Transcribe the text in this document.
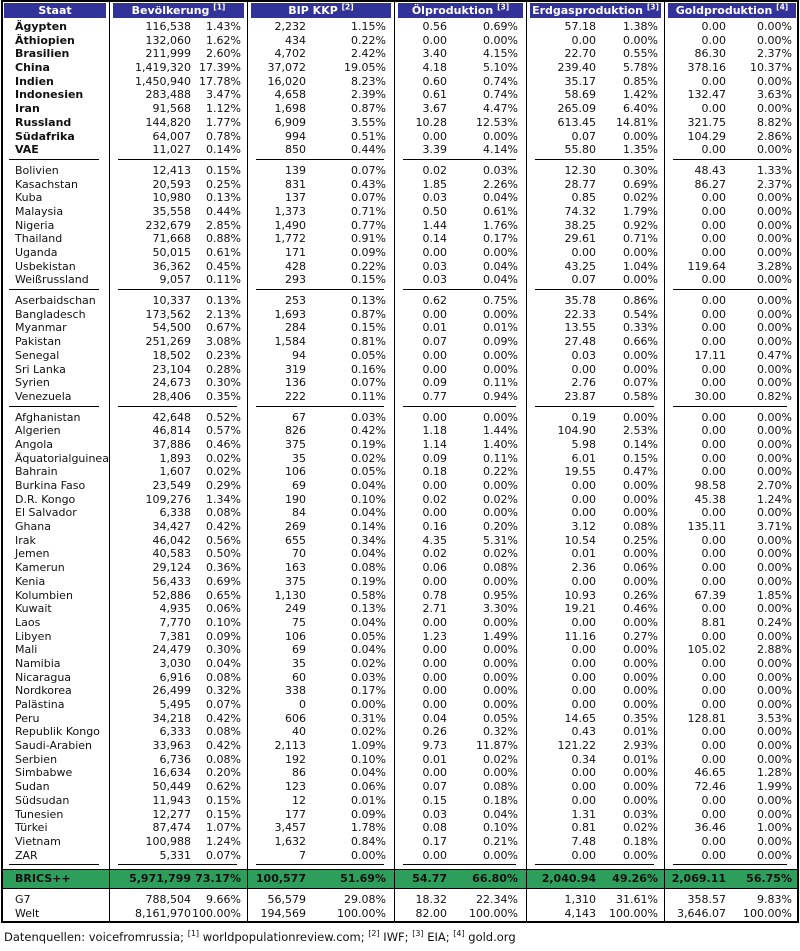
Staat	Bevölkerung [1]	BIP KKP [2]	Ölproduktion [3]	Erdgasproduktion [3]	Goldproduktion [4]
Ägypten	116,538	1.43%	2,232	1.15%	0.56	0.69%	57.18	1.38%	0.00	0.00%
Äthiopien	132,060	1.62%	434	0.22%	0.00	0.00%	0.00	0.00%	0.00	0.00%
Brasilien	211,999	2.60%	4,702	2.42%	3.40	4.15%	22.70	0.55%	86.30	2.37%
China	1,419,320 17.39%	37,072	19.05%	4.18	5.10%	239.40	5.78%	378.16	10.37%
Indien	1,450,940 17.78%	16,020	8.23%	0.60	0.74%	35.17	0.85%	0.00	0.00%
Indonesien	283,488	3.47%	4,658	2.39%	0.61	0.74%	58.69	1.42%	132.47	3.63%
Iran	91,568	1.12%	1,698	0.87%	3.67	4.47%	265.09	6.40%	0.00	0.00%
Russland	144,820	1.77%	6,909	3.55%	10.28	12.53%	613.45	14.81%	321.75	8.82%
Südafrika	64,007	0.78%	994	0.51%	0.00	0.00%	0.07	0.00%	104.29	2.86%
VAE	11,027	0.14%	850	0.44%	3.39	4.14%	55.80	1.35%	0.00	0.00%
Bolivien	12,413	0.15%	139	0.07%	0.02	0.03%	12.30	0.30%	48.43	1.33%
Kasachstan	20,593	0.25%	831	0.43%	1.85	2.26%	28.77	0.69%	86.27	2.37%
Kuba	10,980	0.13%	137	0.07%	0.03	0.04%	0.85	0.02%	0.00	0.00%
Malaysia	35,558	0.44%	1,373	0.71%	0.50	0.61%	74.32	1.79%	0.00	0.00%
Nigeria	232,679	2.85%	1,490	0.77%	1.44	1.76%	38.25	0.92%	0.00	0.00%
Thailand	71,668	0.88%	1,772	0.91%	0.14	0.17%	29.61	0.71%	0.00	0.00%
Uganda	50,015	0.61%	171	0.09%	0.00	0.00%	0.00	0.00%	0.00	0.00%
Usbekistan	36,362	0.45%	428	0.22%	0.03	0.04%	43.25	1.04%	119.64	3.28%
Weißrussland	9,057	0.11%	293	0.15%	0.03	0.04%	0.07	0.00%	0.00	0.00%
Aserbaidschan	10,337	0.13%	253	0.13%	0.62	0.75%	35.78	0.86%	0.00	0.00%
Bangladesch	173,562	2.13%	1,693	0.87%	0.00	0.00%	22.33	0.54%	0.00	0.00%
Myanmar	54,500	0.67%	284	0.15%	0.01	0.01%	13.55	0.33%	0.00	0.00%
Pakistan	251,269	3.08%	1,584	0.81%	0.07	0.09%	27.48	0.66%	0.00	0.00%
Senegal	18,502	0.23%	94	0.05%	0.00	0.00%	0.03	0.00%	17.11	0.47%
Sri Lanka	23,104	0.28%	319	0.16%	0.00	0.00%	0.00	0.00%	0.00	0.00%
Syrien	24,673	0.30%	136	0.07%	0.09	0.11%	2.76	0.07%	0.00	0.00%
Venezuela	28,406	0.35%	222	0.11%	0.77	0.94%	23.87	0.58%	30.00	0.82%
Afghanistan	42,648	0.52%	67	0.03%	0.00	0.00%	0.19	0.00%	0.00	0.00%
Algerien	46,814	0.57%	826	0.42%	1.18	1.44%	104.90	2.53%	0.00	0.00%
Angola	37,886	0.46%	375	0.19%	1.14	1.40%	5.98	0.14%	0.00	0.00%
Äquatorialguinea	1,893	0.02%	35	0.02%	0.09	0.11%	6.01	0.15%	0.00	0.00%
Bahrain	1,607	0.02%	106	0.05%	0.18	0.22%	19.55	0.47%	0.00	0.00%
Burkina Faso	23,549	0.29%	69	0.04%	0.00	0.00%	0.00	0.00%	98.58	2.70%
D.R. Kongo	109,276	1.34%	190	0.10%	0.02	0.02%	0.00	0.00%	45.38	1.24%
El Salvador	6,338	0.08%	84	0.04%	0.00	0.00%	0.00	0.00%	0.00	0.00%
Ghana	34,427	0.42%	269	0.14%	0.16	0.20%	3.12	0.08%	135.11	3.71%
Irak	46,042	0.56%	655	0.34%	4.35	5.31%	10.54	0.25%	0.00	0.00%
Jemen	40,583	0.50%	70	0.04%	0.02	0.02%	0.01	0.00%	0.00	0.00%
Kamerun	29,124	0.36%	163	0.08%	0.06	0.08%	2.36	0.06%	0.00	0.00%
Kenia	56,433	0.69%	375	0.19%	0.00	0.00%	0.00	0.00%	0.00	0.00%
Kolumbien	52,886	0.65%	1,130	0.58%	0.78	0.95%	10.93	0.26%	67.39	1.85%
Kuwait	4,935	0.06%	249	0.13%	2.71	3.30%	19.21	0.46%	0.00	0.00%
Laos	7,770	0.10%	75	0.04%	0.00	0.00%	0.00	0.00%	8.81	0.24%
Libyen	7,381	0.09%	106	0.05%	1.23	1.49%	11.16	0.27%	0.00	0.00%
Mali	24,479	0.30%	69	0.04%	0.00	0.00%	0.00	0.00%	105.02	2.88%
Namibia	3,030	0.04%	35	0.02%	0.00	0.00%	0.00	0.00%	0.00	0.00%
Nicaragua	6,916	0.08%	60	0.03%	0.00	0.00%	0.00	0.00%	0.00	0.00%
Nordkorea	26,499	0.32%	338	0.17%	0.00	0.00%	0.00	0.00%	0.00	0.00%
Palästina	5,495	0.07%	0	0.00%	0.00	0.00%	0.00	0.00%	0.00	0.00%
Peru	34,218	0.42%	606	0.31%	0.04	0.05%	14.65	0.35%	128.81	3.53%
Republik Kongo	6,333	0.08%	40	0.02%	0.26	0.32%	0.43	0.01%	0.00	0.00%
Saudi-Arabien	33,963	0.42%	2,113	1.09%	9.73	11.87%	121.22	2.93%	0.00	0.00%
Serbien	6,736	0.08%	192	0.10%	0.01	0.02%	0.34	0.01%	0.00	0.00%
Simbabwe	16,634	0.20%	86	0.04%	0.00	0.00%	0.00	0.00%	46.65	1.28%
Sudan	50,449	0.62%	123	0.06%	0.07	0.08%	0.00	0.00%	72.46	1.99%
Südsudan	11,943	0.15%	12	0.01%	0.15	0.18%	0.00	0.00%	0.00	0.00%
Tunesien	12,277	0.15%	177	0.09%	0.03	0.04%	1.31	0.03%	0.00	0.00%
Türkei	87,474	1.07%	3,457	1.78%	0.08	0.10%	0.81	0.02%	36.46	1.00%
Vietnam	100,988	1.24%	1,632	0.84%	0.17	0.21%	7.48	0.18%	0.00	0.00%
ZAR	5,331	0.07%	7	0.00%	0.00	0.00%	0.00	0.00%	0.00	0.00%
BRICS++	5,971,799 73.17%	100,577	51.69%	54.77	66.80%	2,040.94	49.26%	2,069.11	56.75%
G7	788,504	9.66%	56,579	29.08%	18.32	22.34%	1,310	31.61%	358.57	9.83%
Welt	8,161,970 100.00%	194,569	100.00%	82.00	100.00%	4,143	100.00%	3,646.07	100.00%
Datenquellen: voicefromrussia; [1] worldpopulationreview.com; [2] IWF; [3] EIA; [4] gold.org
